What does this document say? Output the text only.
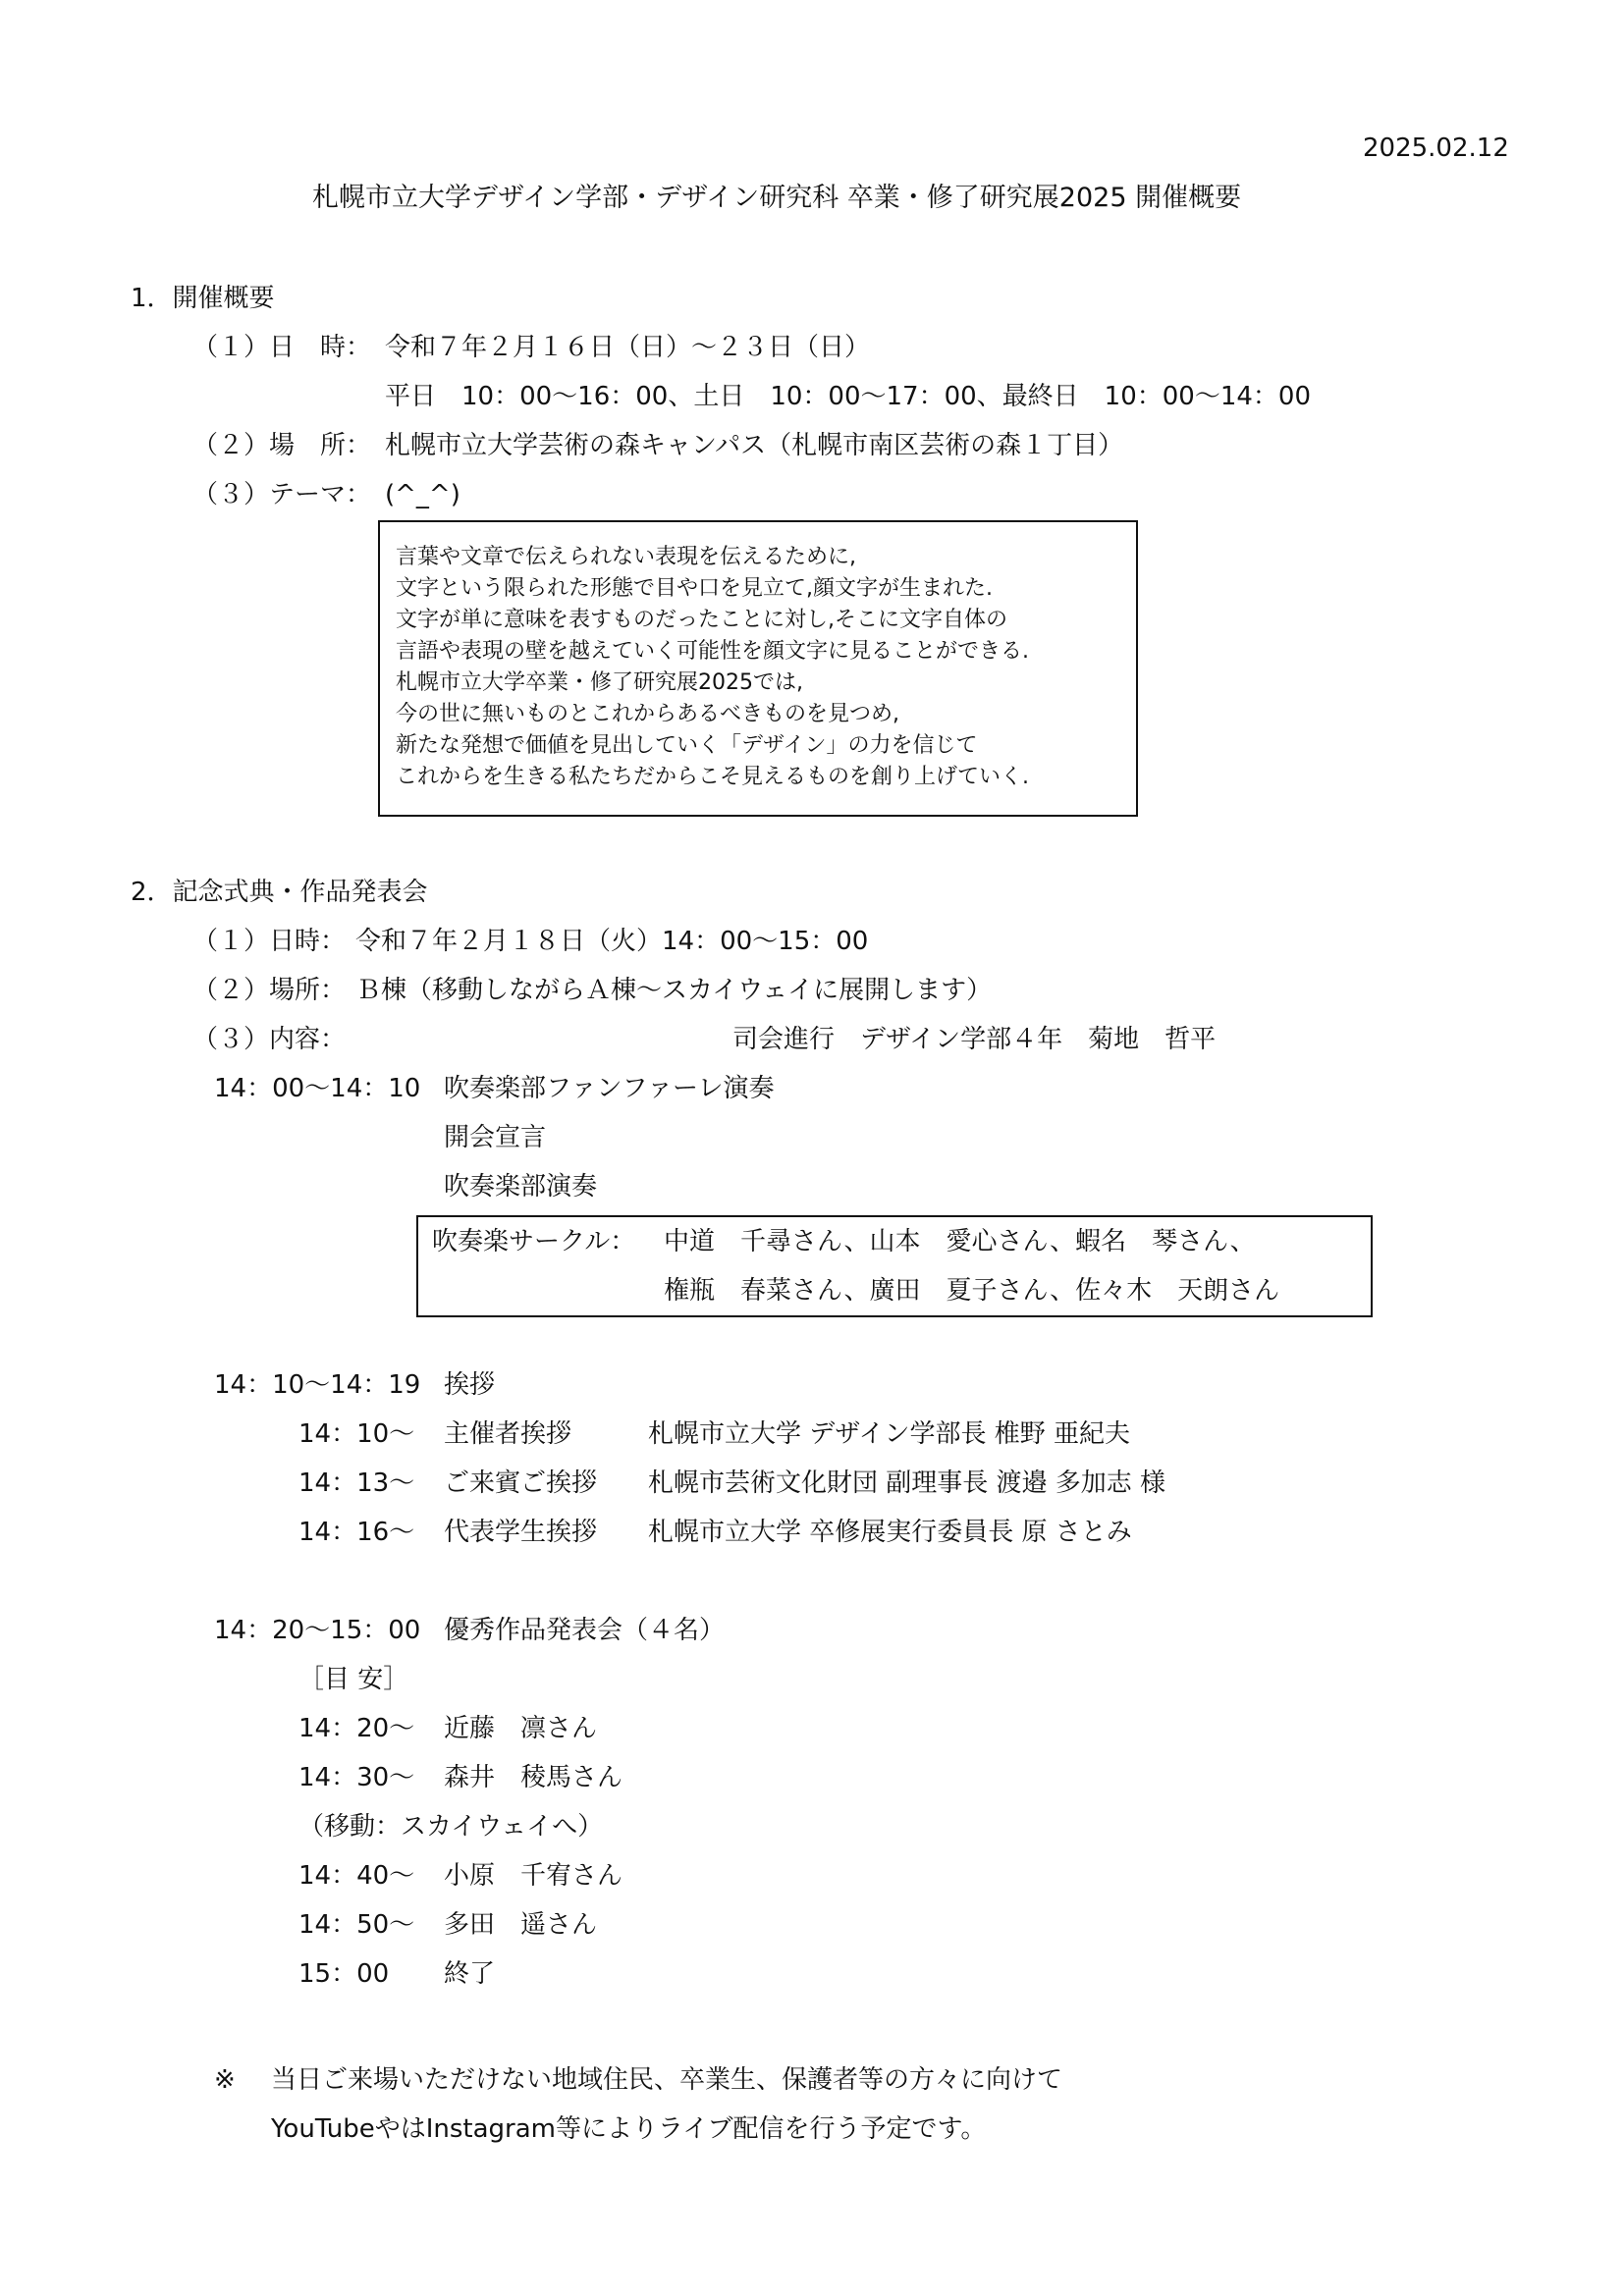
2025.02.12
札幌市立大学デザイン学部・デザイン研究科 卒業・修了研究展2025 開催概要
1．開催概要
（１）日　時： 令和７年２月１６日（日）～２３日（日）
平日　10：00～16：00、土日　10：00～17：00、最終日　10：00～14：00
（２）場　所： 札幌市立大学芸術の森キャンパス（札幌市南区芸術の森１丁目）
（３）テーマ： (^_^)
言葉や文章で伝えられない表現を伝えるために,
文字という限られた形態で目や口を見立て,顔文字が生まれた.
文字が単に意味を表すものだったことに対し,そこに文字自体の
言語や表現の壁を越えていく可能性を顔文字に見ることができる.
札幌市立大学卒業・修了研究展2025では,
今の世に無いものとこれからあるべきものを見つめ,
新たな発想で価値を見出していく「デザイン」の力を信じて
これからを生きる私たちだからこそ見えるものを創り上げていく.
2．記念式典・作品発表会
（１）日時： 令和７年２月１８日（火）14：00～15：00
（２）場所： Ｂ棟（移動しながらＡ棟～スカイウェイに展開します）
（３）内容：	司会進行　デザイン学部４年　菊地　哲平
14：00～14：10 吹奏楽部ファンファーレ演奏
開会宣言
吹奏楽部演奏
吹奏楽サークル： 中道　千尋さん、山本　愛心さん、蝦名　琴さん、
権瓶　春菜さん、廣田　夏子さん、佐々木　天朗さん
14：10～14：19 挨拶
14：10～ 主催者挨拶	札幌市立大学 デザイン学部長 椎野 亜紀夫
14：13～ ご来賓ご挨拶 札幌市芸術文化財団 副理事長 渡邉 多加志 様
14：16～ 代表学生挨拶 札幌市立大学 卒修展実行委員長 原 さとみ
14：20～15：00 優秀作品発表会（４名）
［目 安］
14：20～ 近藤　凛さん
14：30～ 森井　稜馬さん
（移動：スカイウェイへ）
14：40～ 小原　千宥さん
14：50～ 多田　遥さん
15：00 終了
※ 当日ご来場いただけない地域住民、卒業生、保護者等の方々に向けて
YouTubeやはInstagram等によりライブ配信を行う予定です。
